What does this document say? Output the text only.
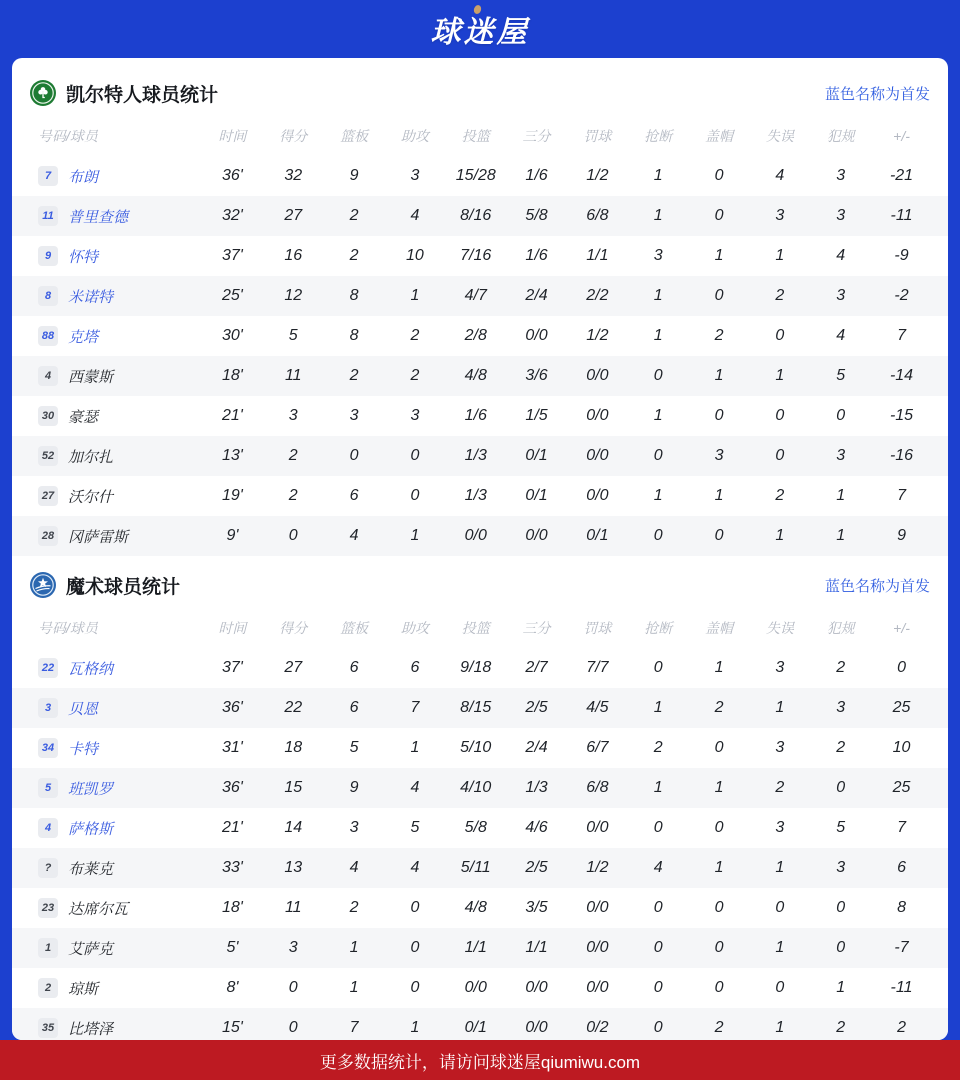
球迷屋
凯尔特人球员统计	蓝色名称为首发
号码/球员	时间	得分	篮板	助攻	投篮	三分	罚球	抢断	盖帽	失误	犯规	+/-
7	布朗	36'	32	9	3	15/28	1/6	1/2	1	0	4	3	-21
11 普里查德	32'	27	2	4	8/16	5/8	6/8	1	0	3	3	-11
9	怀特	37'	16	2	10	7/16	1/6	1/1	3	1	1	4	-9
8	米诺特	25'	12	8	1	4/7	2/4	2/2	1	0	2	3	-2
88 克塔	30'	5	8	2	2/8	0/0	1/2	1	2	0	4	7
4	西蒙斯	18'	11	2	2	4/8	3/6	0/0	0	1	1	5	-14
30 豪瑟	21'	3	3	3	1/6	1/5	0/0	1	0	0	0	-15
52 加尔扎	13'	2	0	0	1/3	0/1	0/0	0	3	0	3	-16
27 沃尔什	19'	2	6	0	1/3	0/1	0/0	1	1	2	1	7
28 冈萨雷斯	9'	0	4	1	0/0	0/0	0/1	0	0	1	1	9
魔术球员统计	蓝色名称为首发
号码/球员	时间	得分	篮板	助攻	投篮	三分	罚球	抢断	盖帽	失误	犯规	+/-
22 瓦格纳	37'	27	6	6	9/18	2/7	7/7	0	1	3	2	0
3	贝恩	36'	22	6	7	8/15	2/5	4/5	1	2	1	3	25
34 卡特	31'	18	5	1	5/10	2/4	6/7	2	0	3	2	10
5	班凯罗	36'	15	9	4	4/10	1/3	6/8	1	1	2	0	25
4	萨格斯	21'	14	3	5	5/8	4/6	0/0	0	0	3	5	7
?	布莱克	33'	13	4	4	5/11	2/5	1/2	4	1	1	3	6
23 达席尔瓦	18'	11	2	0	4/8	3/5	0/0	0	0	0	0	8
1	艾萨克	5'	3	1	0	1/1	1/1	0/0	0	0	1	0	-7
2	琼斯	8'	0	1	0	0/0	0/0	0/0	0	0	0	1	-11
35 比塔泽	15'	0	7	1	0/1	0/0	0/2	0	2	1	2	2
更多数据统计，请访问球迷屋qiumiwu.com
